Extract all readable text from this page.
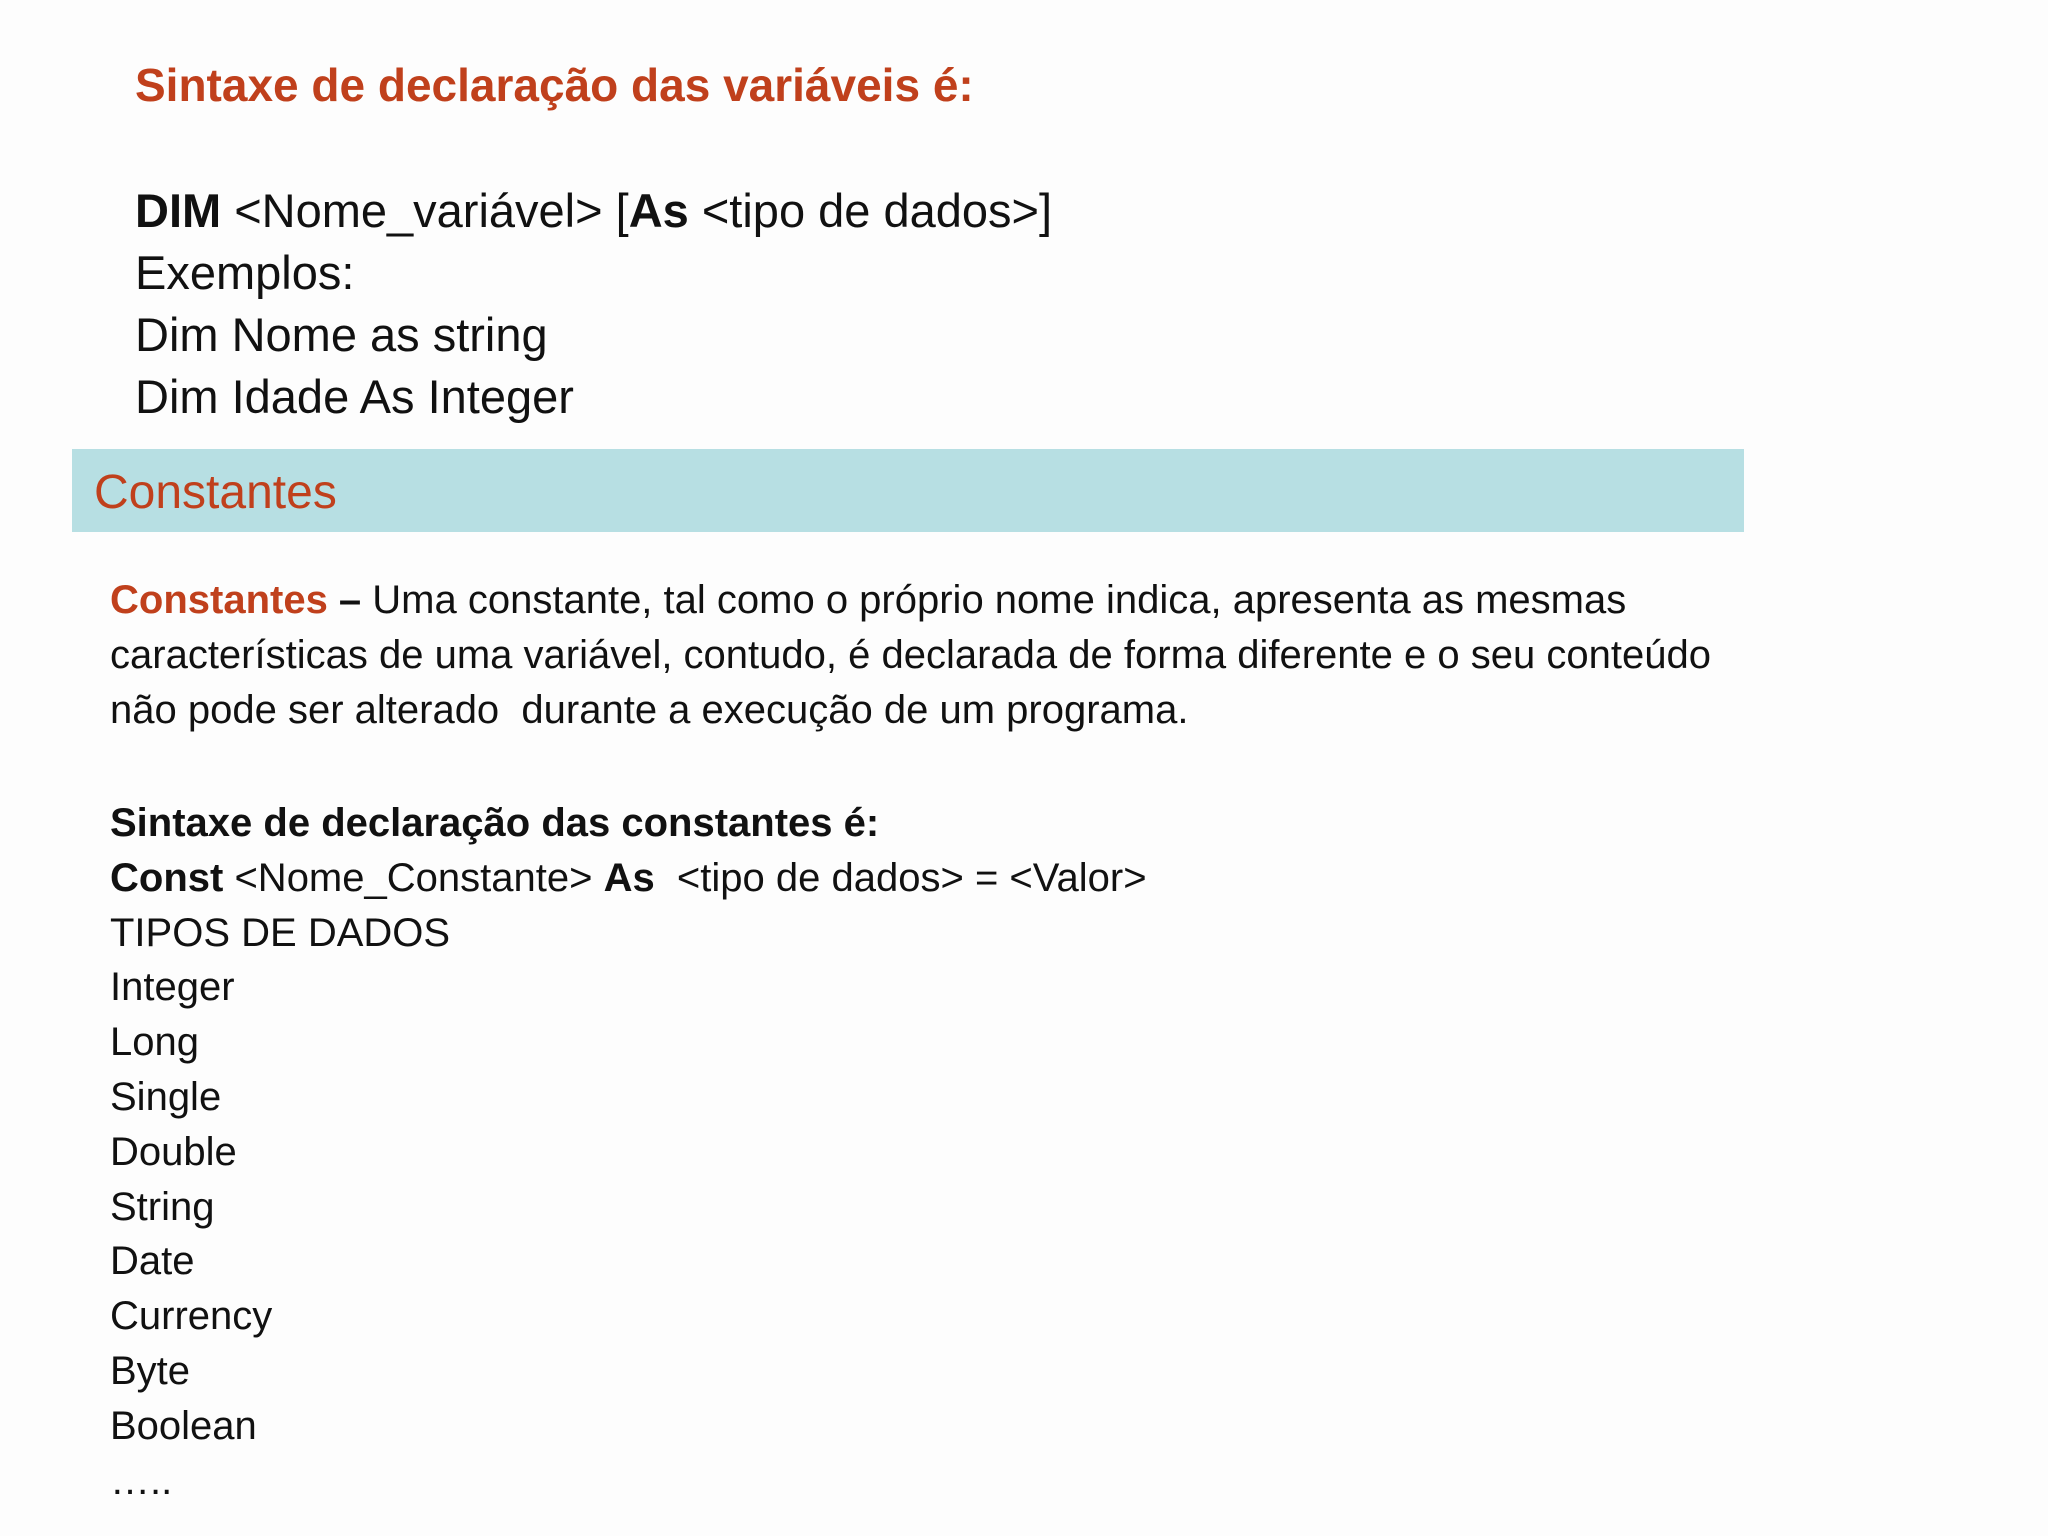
Sintaxe de declaração das variáveis é:
DIM <Nome_variável> [As <tipo de dados>]
Exemplos:
Dim Nome as string
Dim Idade As Integer
Constantes
Constantes – Uma constante, tal como o próprio nome indica, apresenta as mesmas
características de uma variável, contudo, é declarada de forma diferente e o seu conteúdo
não pode ser alterado  durante a execução de um programa.
Sintaxe de declaração das constantes é:
Const <Nome_Constante> As  <tipo de dados> = <Valor>
TIPOS DE DADOS
Integer
Long
Single
Double
String
Date
Currency
Byte
Boolean
…..
